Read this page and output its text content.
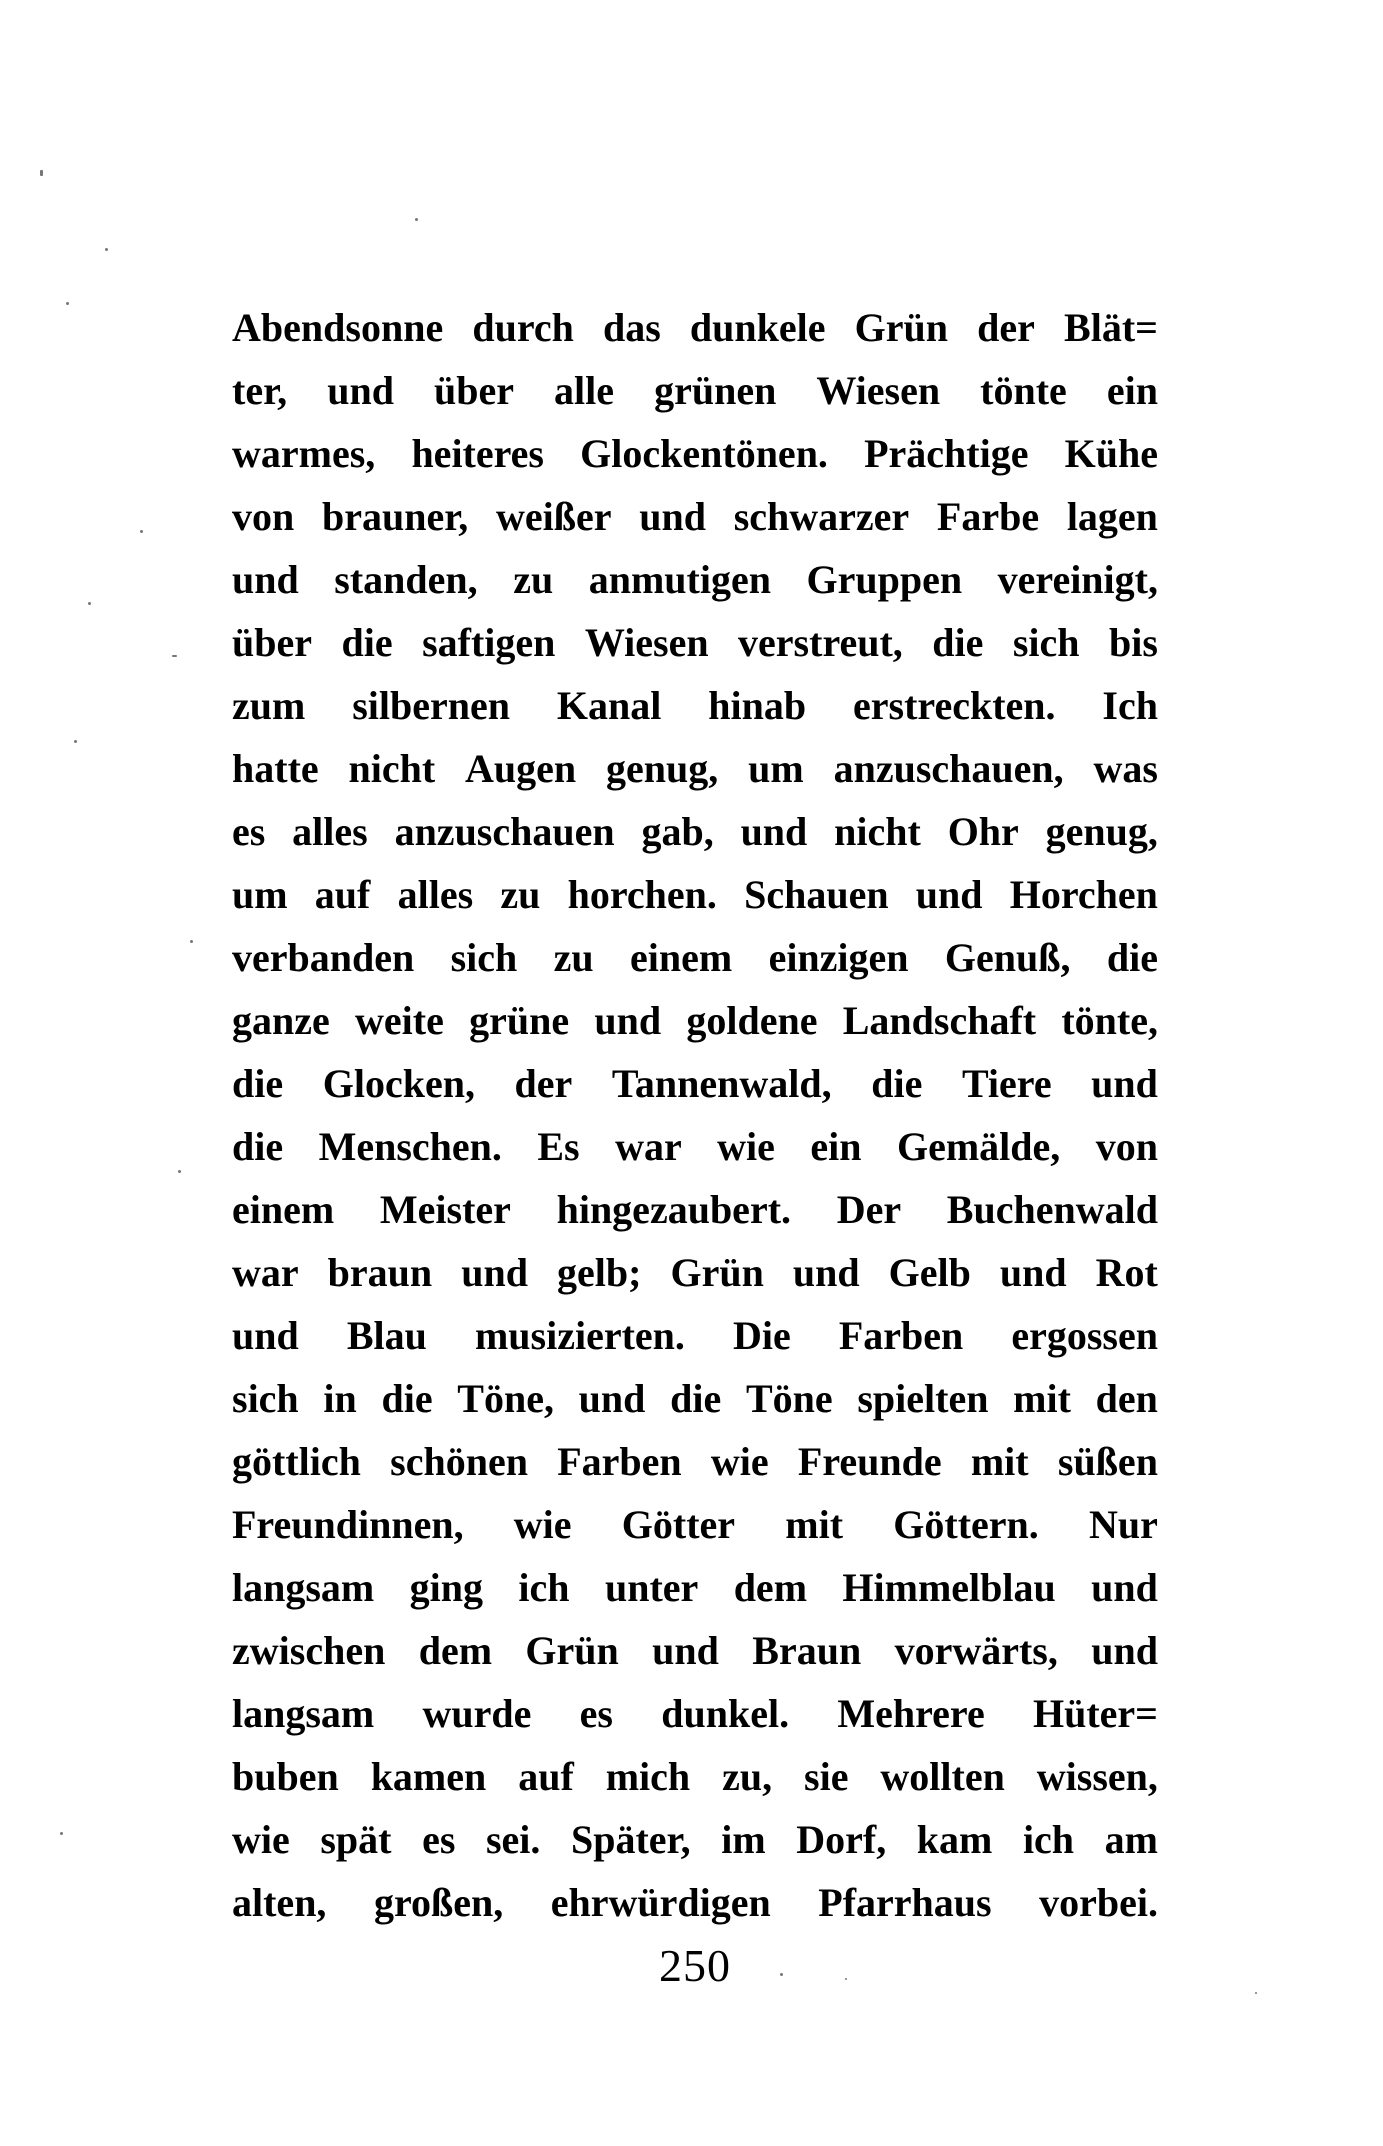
Abendsonne durch das dunkele Grün der Blät=
ter, und über alle grünen Wiesen tönte ein
warmes, heiteres Glockentönen. Prächtige Kühe
von brauner, weißer und schwarzer Farbe lagen
und standen, zu anmutigen Gruppen vereinigt,
über die saftigen Wiesen verstreut, die sich bis
zum silbernen Kanal hinab erstreckten. Ich
hatte nicht Augen genug, um anzuschauen, was
es alles anzuschauen gab, und nicht Ohr genug,
um auf alles zu horchen. Schauen und Horchen
verbanden sich zu einem einzigen Genuß, die
ganze weite grüne und goldene Landschaft tönte,
die Glocken, der Tannenwald, die Tiere und
die Menschen. Es war wie ein Gemälde, von
einem Meister hingezaubert. Der Buchenwald
war braun und gelb; Grün und Gelb und Rot
und Blau musizierten. Die Farben ergossen
sich in die Töne, und die Töne spielten mit den
göttlich schönen Farben wie Freunde mit süßen
Freundinnen, wie Götter mit Göttern. Nur
langsam ging ich unter dem Himmelblau und
zwischen dem Grün und Braun vorwärts, und
langsam wurde es dunkel. Mehrere Hüter=
buben kamen auf mich zu, sie wollten wissen,
wie spät es sei. Später, im Dorf, kam ich am
alten, großen, ehrwürdigen Pfarrhaus vorbei.
250
